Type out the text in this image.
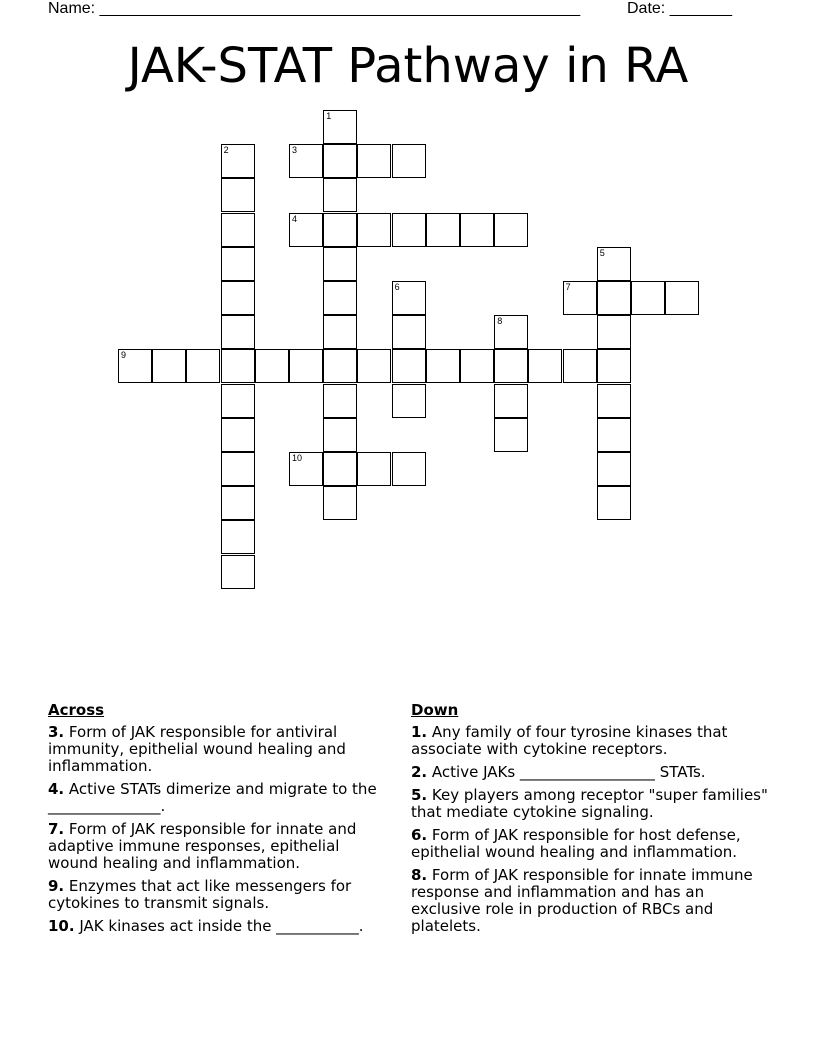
Name: ______________________________________________________	Date: _______
JAK-STAT Pathway in RA
1
2	3
4
5
6	7
8
9
10
Across
3. Form of JAK responsible for antiviral immunity, epithelial wound healing and inflammation.
4. Active STATs dimerize and migrate to the _______________.
7. Form of JAK responsible for innate and adaptive immune responses, epithelial wound healing and inflammation.
9. Enzymes that act like messengers for cytokines to transmit signals.
10. JAK kinases act inside the ___________.
Down
1. Any family of four tyrosine kinases that associate with cytokine receptors.
2. Active JAKs __________________ STATs.
5. Key players among receptor "super families" that mediate cytokine signaling.
6. Form of JAK responsible for host defense, epithelial wound healing and inflammation.
8. Form of JAK responsible for innate immune response and inflammation and has an exclusive role in production of RBCs and platelets.
